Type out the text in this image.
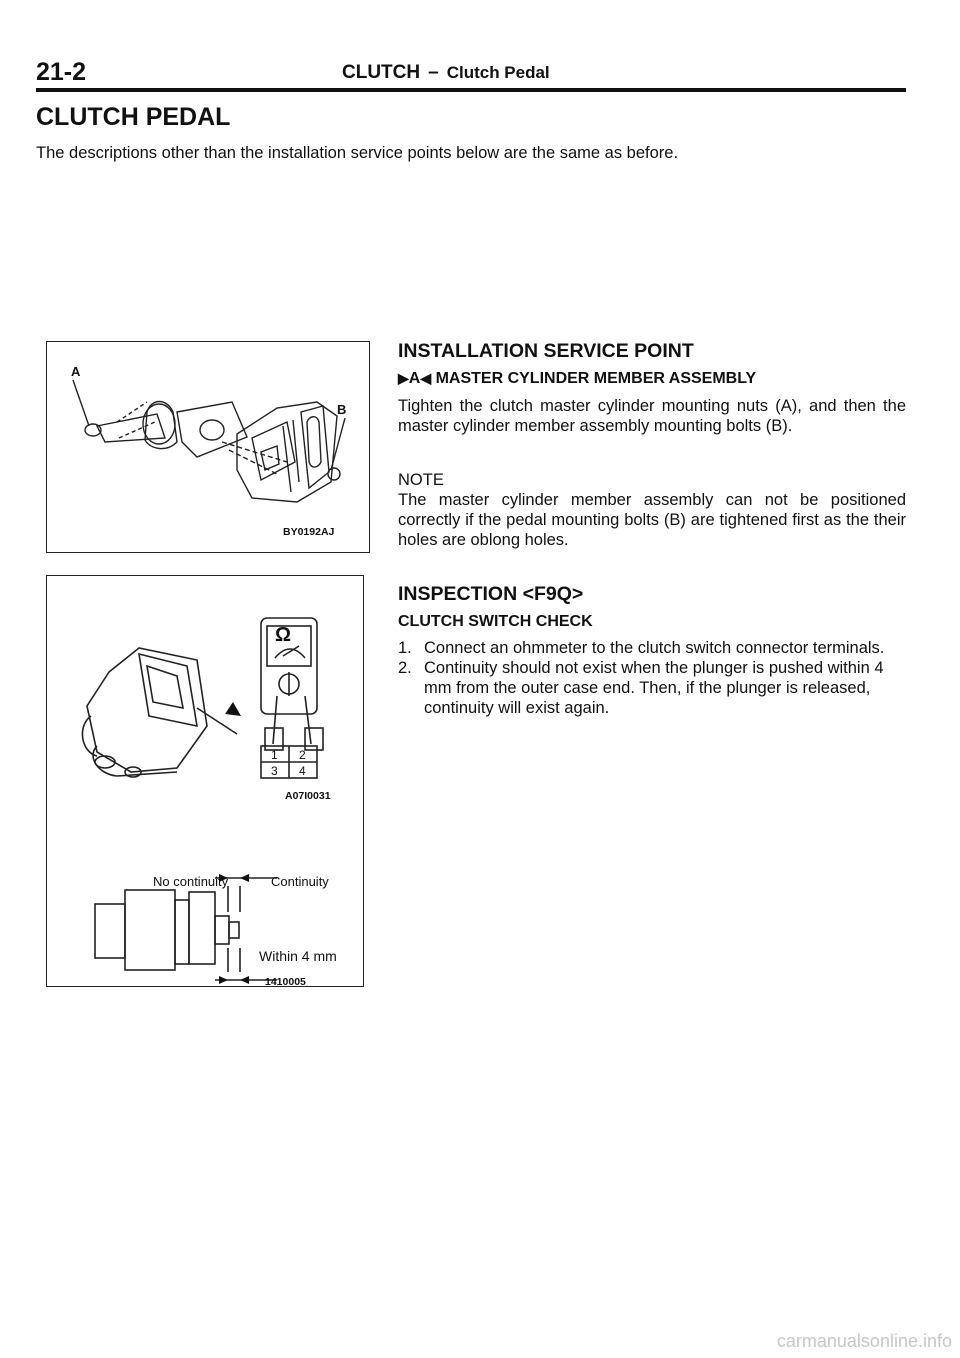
21-2	CLUTCH – Clutch Pedal
CLUTCH PEDAL

The descriptions other than the installation service points below are the same as before.

A
B
BY0192AJ
Ω
1 2
3 4
A07I0031
No continuity	Continuity
Within 4 mm
1410005
INSTALLATION SERVICE POINT
▶A◀ MASTER CYLINDER MEMBER ASSEMBLY

Tighten the clutch master cylinder mounting nuts (A), and then the master cylinder member assembly mounting bolts (B).

NOTE

The master cylinder member assembly can not be positioned correctly if the pedal mounting bolts (B) are tightened first as the their holes are oblong holes.

INSPECTION <F9Q>
CLUTCH SWITCH CHECK
1. Connect an ohmmeter to the clutch switch connector terminals.
2. Continuity should not exist when the plunger is pushed within 4 mm from the outer case end. Then, if the plunger is released, continuity will exist again.
carmanualsonline.info
